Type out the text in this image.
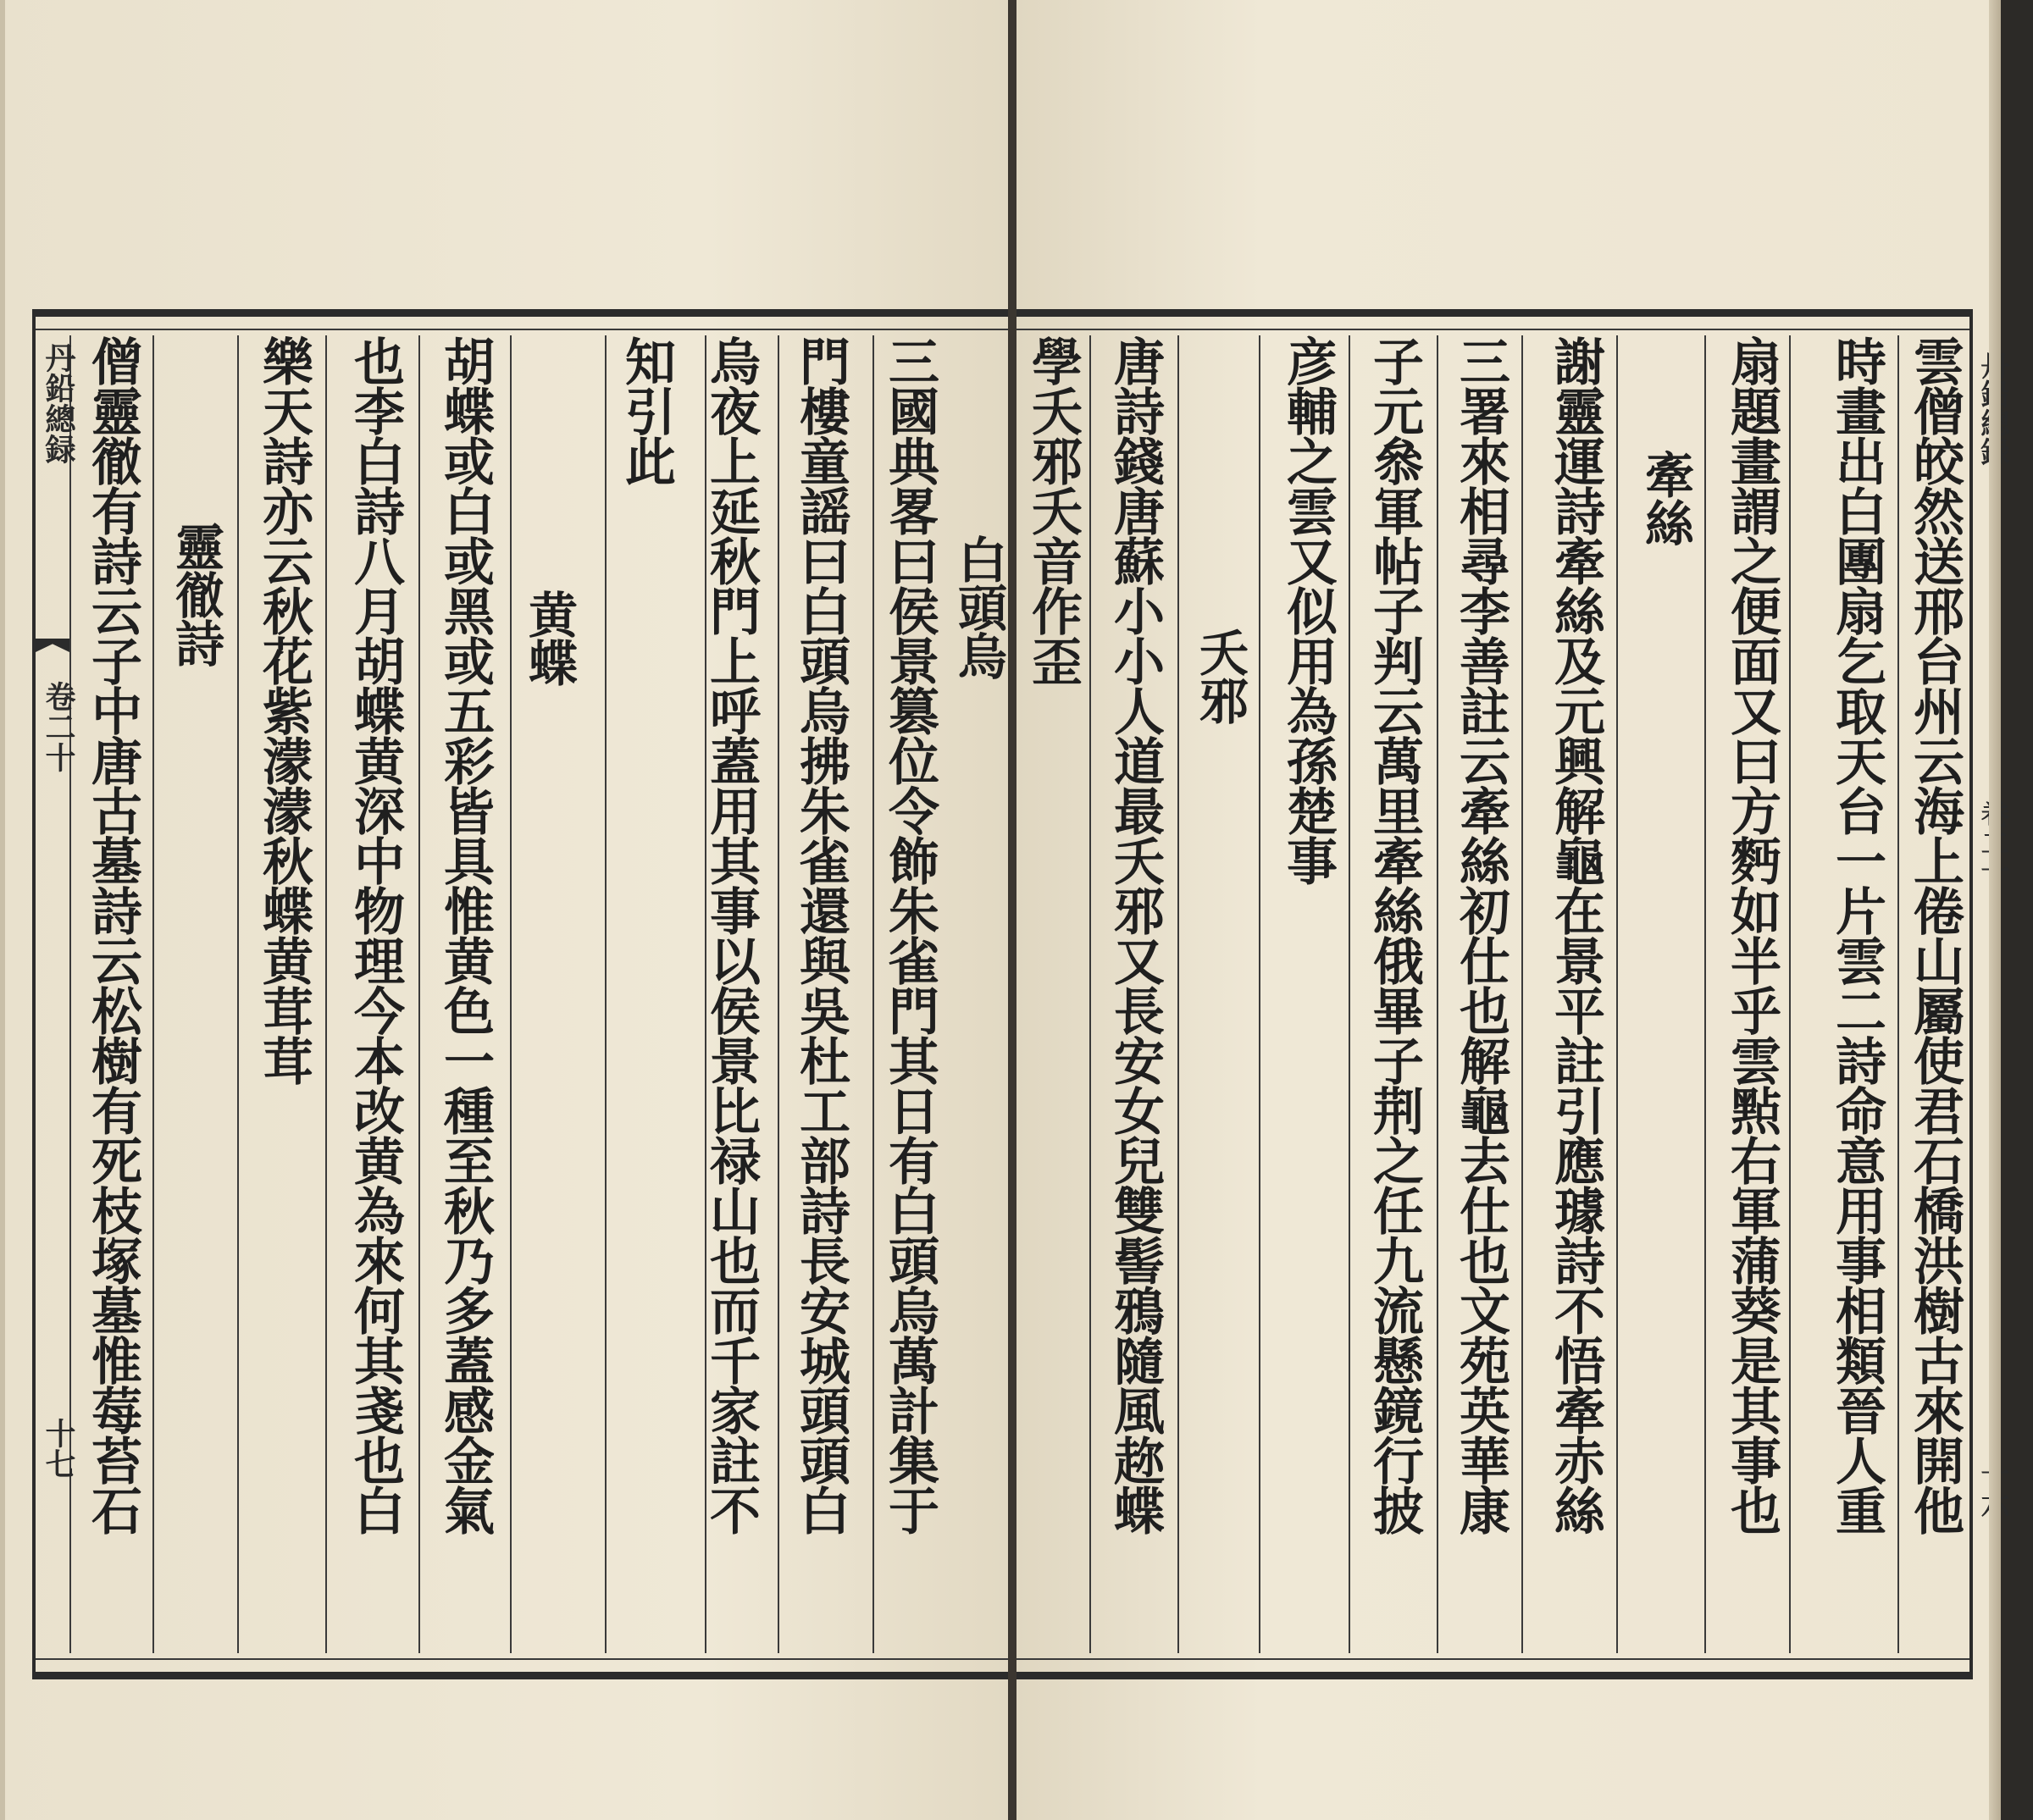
白頭烏
三國典畧曰侯景篡位令飾朱雀門其日有白頭烏萬計集于
門樓童謡曰白頭烏拂朱雀還與吳杜工部詩長安城頭頭白
烏夜上延秋門上呼蓋用其事以侯景比禄山也而千家註不
知引此
黄蝶
胡蝶或白或黑或五彩皆具惟黄色一種至秋乃多蓋感金氣
也李白詩八月胡蝶黄深中物理今本改黄為來何其戔也白
樂天詩亦云秋花紫濛濛秋蝶黄茸茸
靈徹詩
僧靈徹有詩云子中唐古墓詩云松樹有死枝塚墓惟莓苔石
丹鉛總録
卷二十
十七	雲僧皎然送邢台州云海上倦山屬使君石橋洪樹古來開他
時畫出白團扇乞取天台一片雲二詩命意用事相類晉人重
扇題畫謂之便面又曰方麪如半乎雲㸃右軍蒲葵是其事也
牽絲
謝靈運詩牽絲及元興解龜在景平註引應璩詩不悟牽赤絲
三署來相尋李善註云牽絲初仕也解龜去仕也文苑英華康
子元叅軍帖子判云萬里牽絲俄畢子荆之任九流懸鏡行披
彦輔之雲又似用為孫楚事
夭邪
唐詩錢唐蘇小小人道最夭邪又長安女兒雙髻鴉隨風趂蝶
學夭邪夭音作歪
